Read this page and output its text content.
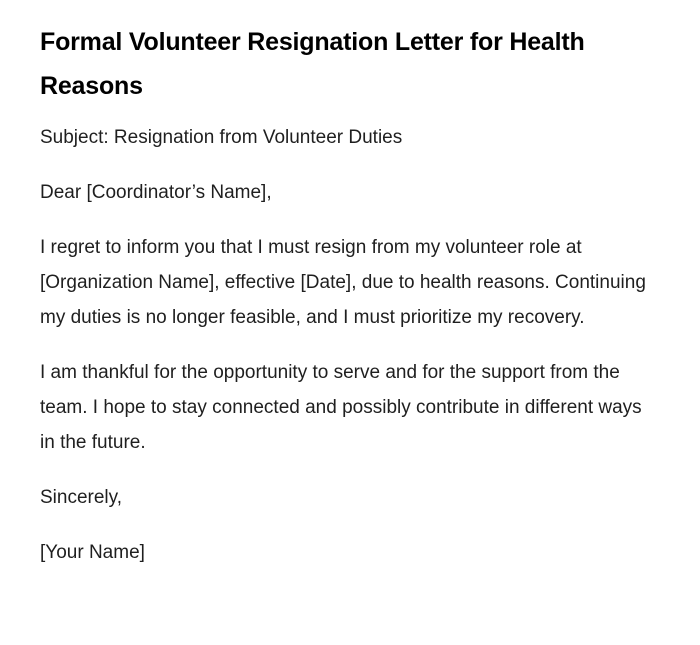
Formal Volunteer Resignation Letter for Health Reasons

Subject: Resignation from Volunteer Duties

Dear [Coordinator’s Name],

I regret to inform you that I must resign from my volunteer role at [Organization Name], effective [Date], due to health reasons. Continuing my duties is no longer feasible, and I must prioritize my recovery.

I am thankful for the opportunity to serve and for the support from the team. I hope to stay connected and possibly contribute in different ways in the future.

Sincerely,

[Your Name]
